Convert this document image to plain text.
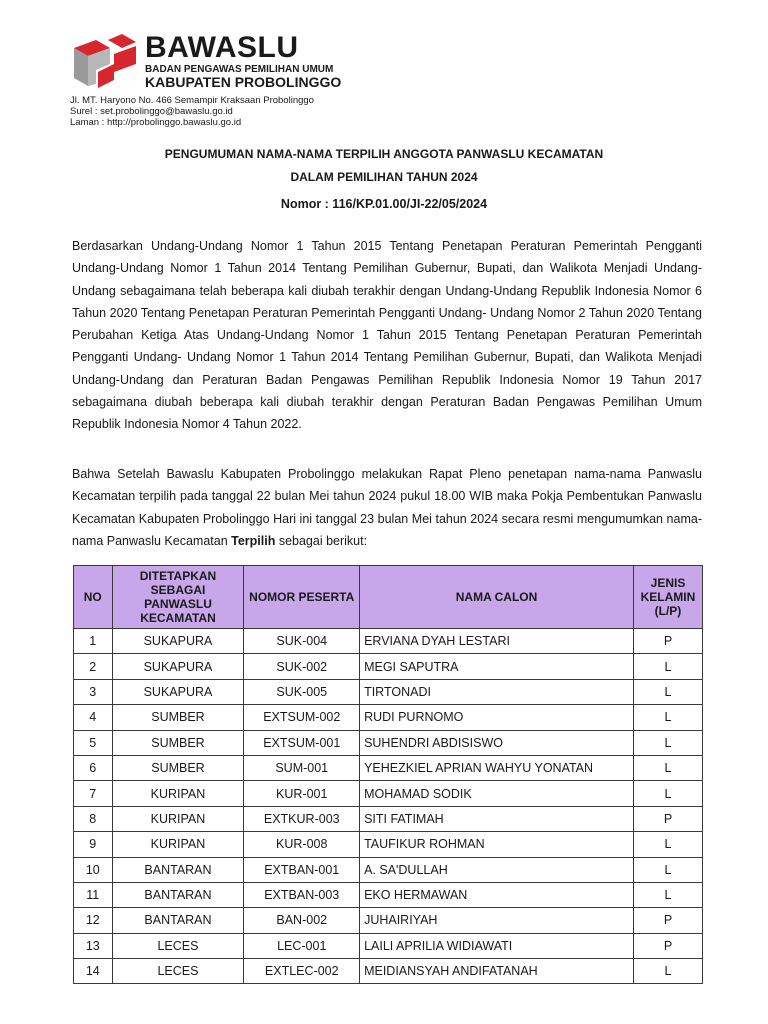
BAWASLU
BADAN PENGAWAS PEMILIHAN UMUM
KABUPATEN PROBOLINGGO
Jl. MT. Haryono No. 466 Semampir Kraksaan Probolinggo
Surel : set.probolinggo@bawaslu.go.id
Laman : http://probolinggo.bawaslu.go.id
PENGUMUMAN NAMA-NAMA TERPILIH ANGGOTA PANWASLU KECAMATAN
DALAM PEMILIHAN TAHUN 2024
Nomor : 116/KP.01.00/JI-22/05/2024
Berdasarkan Undang-Undang Nomor 1 Tahun 2015 Tentang Penetapan Peraturan Pemerintah Pengganti Undang-Undang Nomor 1 Tahun 2014 Tentang Pemilihan Gubernur, Bupati, dan Walikota Menjadi Undang-Undang sebagaimana telah beberapa kali diubah terakhir dengan Undang-Undang Republik Indonesia Nomor 6 Tahun 2020 Tentang Penetapan Peraturan Pemerintah Pengganti Undang- Undang Nomor 2 Tahun 2020 Tentang Perubahan Ketiga Atas Undang-Undang Nomor 1 Tahun 2015 Tentang Penetapan Peraturan Pemerintah Pengganti Undang- Undang Nomor 1 Tahun 2014 Tentang Pemilihan Gubernur, Bupati, dan Walikota Menjadi Undang-Undang dan Peraturan Badan Pengawas Pemilihan Republik Indonesia Nomor 19 Tahun 2017 sebagaimana diubah beberapa kali diubah terakhir dengan Peraturan Badan Pengawas Pemilihan Umum Republik Indonesia Nomor 4 Tahun 2022.
Bahwa Setelah Bawaslu Kabupaten Probolinggo melakukan Rapat Pleno penetapan nama-nama Panwaslu Kecamatan terpilih pada tanggal 22 bulan Mei tahun 2024 pukul 18.00 WIB maka Pokja Pembentukan Panwaslu Kecamatan Kabupaten Probolinggo Hari ini tanggal 23 bulan Mei tahun 2024 secara resmi mengumumkan nama-nama Panwaslu Kecamatan Terpilih sebagai berikut:
NO	DITETAPKAN SEBAGAI PANWASLU KECAMATAN	NOMOR PESERTA	NAMA CALON	JENIS KELAMIN (L/P)
1	SUKAPURA	SUK-004	ERVIANA DYAH LESTARI	P
2	SUKAPURA	SUK-002	MEGI SAPUTRA	L
3	SUKAPURA	SUK-005	TIRTONADI	L
4	SUMBER	EXTSUM-002	RUDI PURNOMO	L
5	SUMBER	EXTSUM-001	SUHENDRI ABDISISWO	L
6	SUMBER	SUM-001	YEHEZKIEL APRIAN WAHYU YONATAN	L
7	KURIPAN	KUR-001	MOHAMAD SODIK	L
8	KURIPAN	EXTKUR-003	SITI FATIMAH	P
9	KURIPAN	KUR-008	TAUFIKUR ROHMAN	L
10	BANTARAN	EXTBAN-001	A. SA'DULLAH	L
11	BANTARAN	EXTBAN-003	EKO HERMAWAN	L
12	BANTARAN	BAN-002	JUHAIRIYAH	P
13	LECES	LEC-001	LAILI APRILIA WIDIAWATI	P
14	LECES	EXTLEC-002	MEIDIANSYAH ANDIFATANAH	L
